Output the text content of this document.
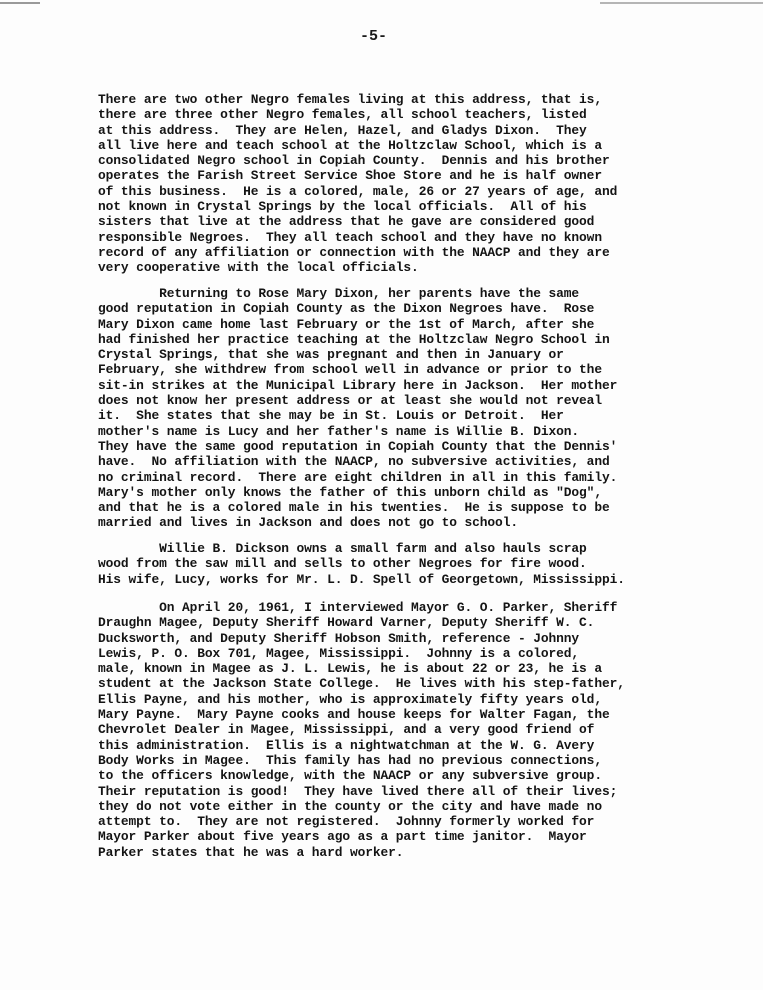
-5-
There are two other Negro females living at this address, that is,
there are three other Negro females, all school teachers, listed
at this address.  They are Helen, Hazel, and Gladys Dixon.  They
all live here and teach school at the Holtzclaw School, which is a
consolidated Negro school in Copiah County.  Dennis and his brother
operates the Farish Street Service Shoe Store and he is half owner
of this business.  He is a colored, male, 26 or 27 years of age, and
not known in Crystal Springs by the local officials.  All of his
sisters that live at the address that he gave are considered good
responsible Negroes.  They all teach school and they have no known
record of any affiliation or connection with the NAACP and they are
very cooperative with the local officials.
Returning to Rose Mary Dixon, her parents have the same
good reputation in Copiah County as the Dixon Negroes have.  Rose
Mary Dixon came home last February or the 1st of March, after she
had finished her practice teaching at the Holtzclaw Negro School in
Crystal Springs, that she was pregnant and then in January or
February, she withdrew from school well in advance or prior to the
sit-in strikes at the Municipal Library here in Jackson.  Her mother
does not know her present address or at least she would not reveal
it.  She states that she may be in St. Louis or Detroit.  Her
mother's name is Lucy and her father's name is Willie B. Dixon.
They have the same good reputation in Copiah County that the Dennis'
have.  No affiliation with the NAACP, no subversive activities, and
no criminal record.  There are eight children in all in this family.
Mary's mother only knows the father of this unborn child as "Dog",
and that he is a colored male in his twenties.  He is suppose to be
married and lives in Jackson and does not go to school.
Willie B. Dickson owns a small farm and also hauls scrap
wood from the saw mill and sells to other Negroes for fire wood.
His wife, Lucy, works for Mr. L. D. Spell of Georgetown, Mississippi.
On April 20, 1961, I interviewed Mayor G. O. Parker, Sheriff
Draughn Magee, Deputy Sheriff Howard Varner, Deputy Sheriff W. C.
Ducksworth, and Deputy Sheriff Hobson Smith, reference - Johnny
Lewis, P. O. Box 701, Magee, Mississippi.  Johnny is a colored,
male, known in Magee as J. L. Lewis, he is about 22 or 23, he is a
student at the Jackson State College.  He lives with his step-father,
Ellis Payne, and his mother, who is approximately fifty years old,
Mary Payne.  Mary Payne cooks and house keeps for Walter Fagan, the
Chevrolet Dealer in Magee, Mississippi, and a very good friend of
this administration.  Ellis is a nightwatchman at the W. G. Avery
Body Works in Magee.  This family has had no previous connections,
to the officers knowledge, with the NAACP or any subversive group.
Their reputation is good!  They have lived there all of their lives;
they do not vote either in the county or the city and have made no
attempt to.  They are not registered.  Johnny formerly worked for
Mayor Parker about five years ago as a part time janitor.  Mayor
Parker states that he was a hard worker.
